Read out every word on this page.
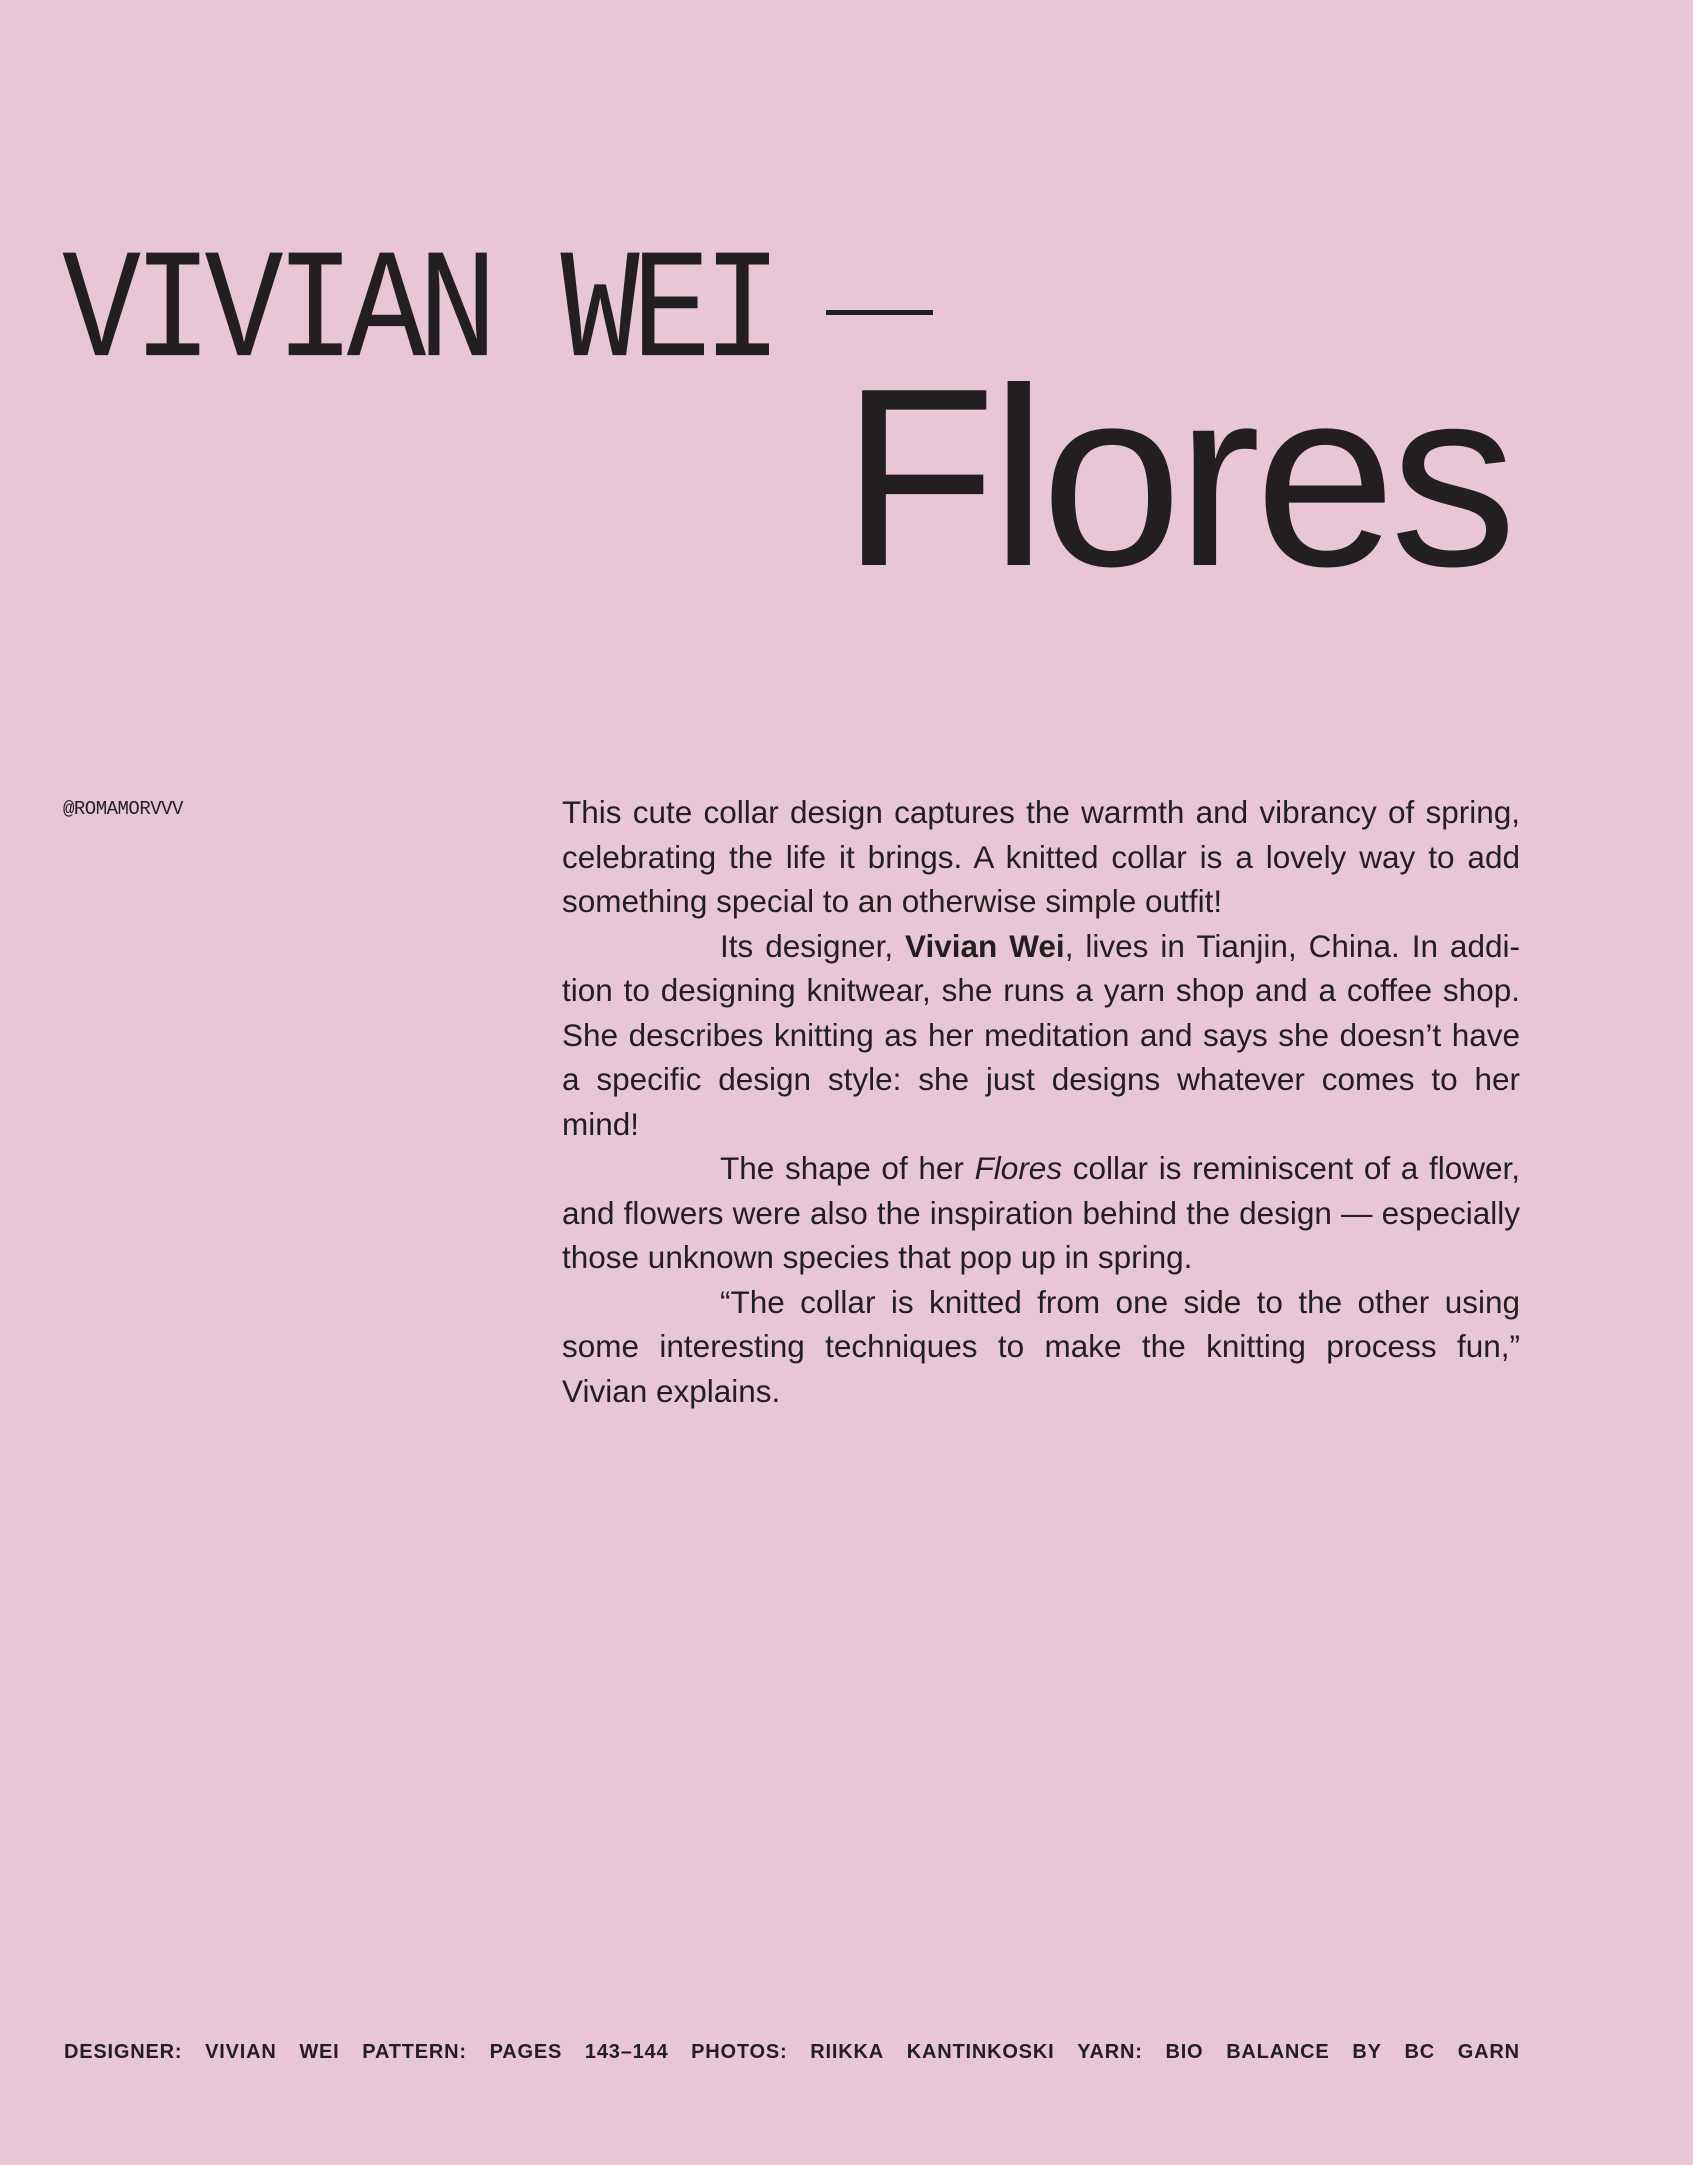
VIVIAN WEI
Flores
@ROMAMORVVV	This cute collar design captures the warmth and vibrancy of spring, celebrating the life it brings. A knitted collar is a lovely way to add something special to an otherwise simple outfit!

Its designer, Vivian Wei, lives in Tianjin, China. In addition to designing knitwear, she runs a yarn shop and a coffee shop. She describes knitting as her meditation and says she doesn’t have a specific design style: she just designs whatever comes to her mind!

The shape of her Flores collar is reminiscent of a flower, and flowers were also the inspiration behind the design — especially those unknown species that pop up in spring.

“The collar is knitted from one side to the other using some interesting techniques to make the knitting process fun,” Vivian explains.

DESIGNER: VIVIAN WEI PATTERN: PAGES 143–144 PHOTOS: RIIKKA KANTINKOSKI YARN: BIO BALANCE BY BC GARN
